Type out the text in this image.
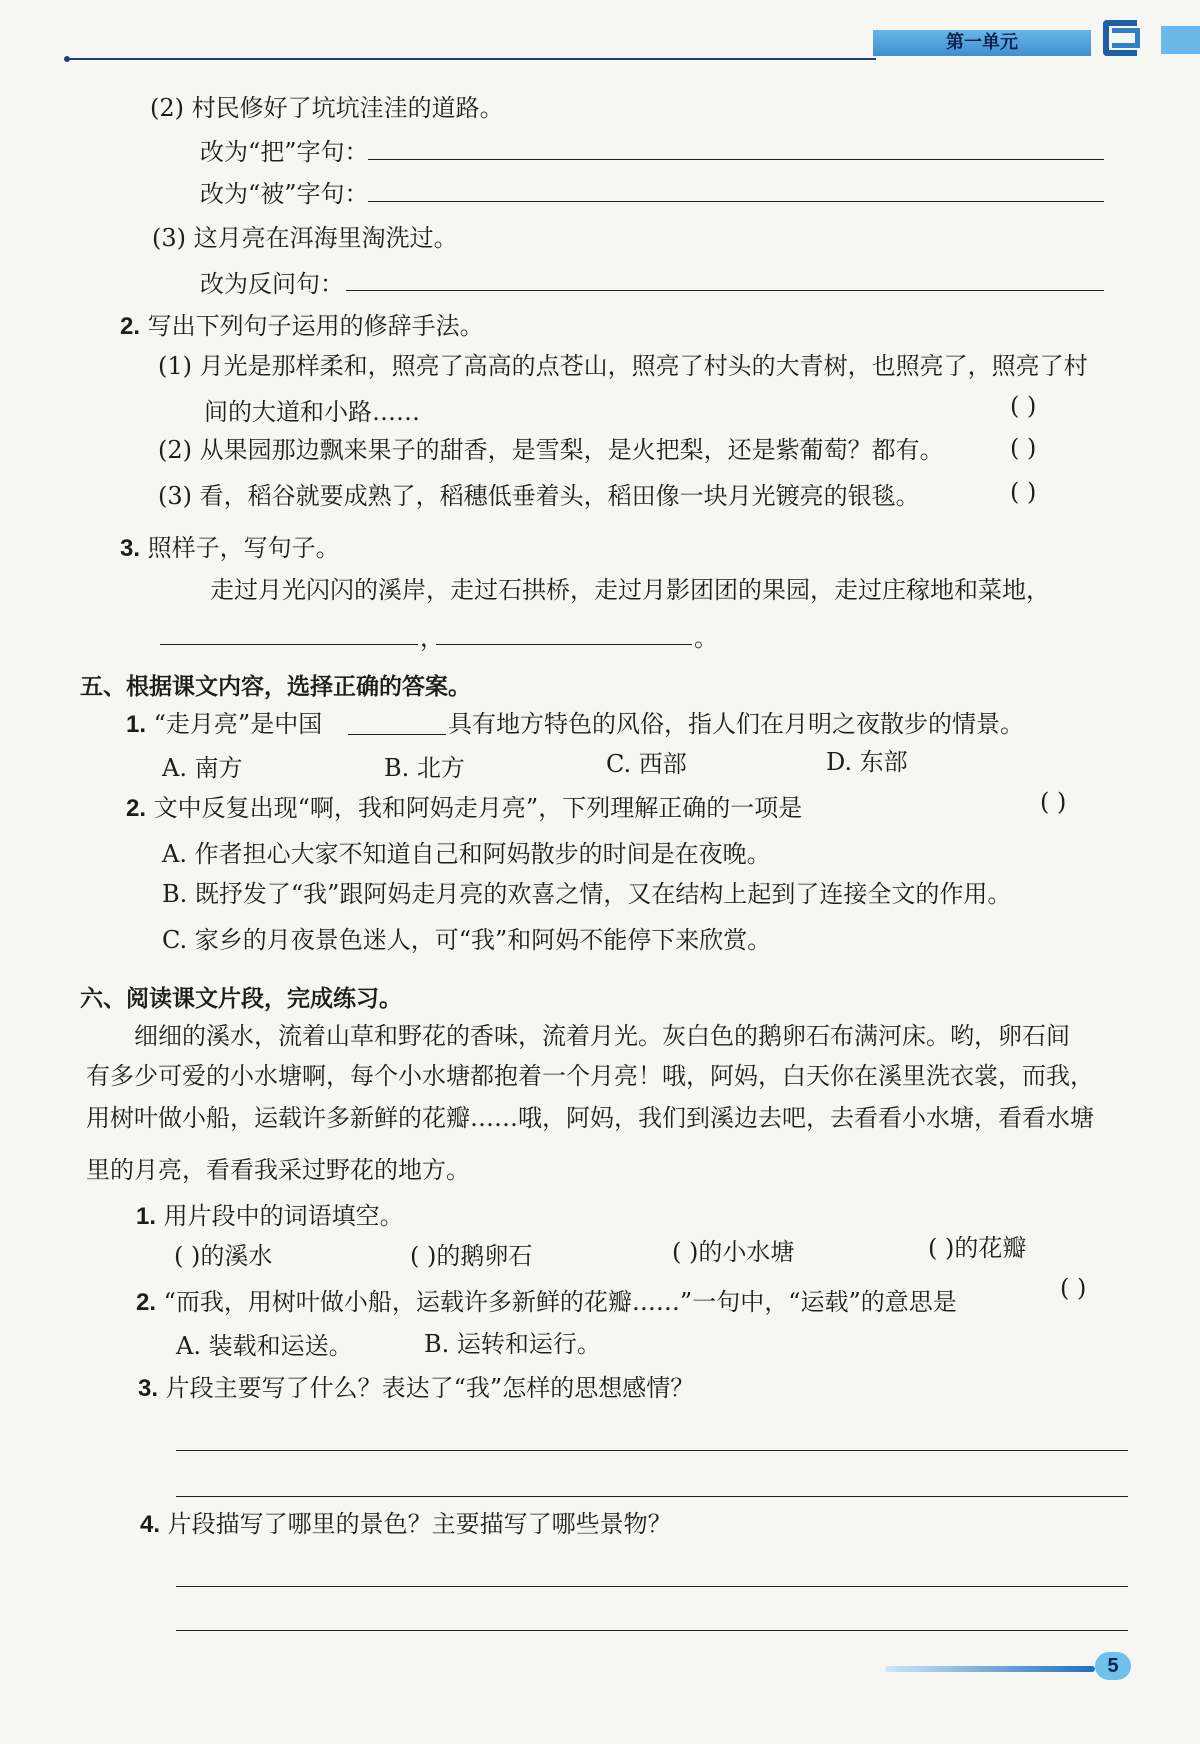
第一单元
(2) 村民修好了坑坑洼洼的道路。
改为“把”字句：
改为“被”字句：
(3) 这月亮在洱海里淘洗过。
改为反问句：
2. 写出下列句子运用的修辞手法。
(1) 月光是那样柔和，照亮了高高的点苍山，照亮了村头的大青树，也照亮了，照亮了村
间的大道和小路……	( )
(2) 从果园那边飘来果子的甜香，是雪梨，是火把梨，还是紫葡萄？都有。	( )
(3) 看，稻谷就要成熟了，稻穗低垂着头，稻田像一块月光镀亮的银毯。	( )
3. 照样子，写句子。
走过月光闪闪的溪岸，走过石拱桥，走过月影团团的果园，走过庄稼地和菜地，
，	。
五、根据课文内容，选择正确的答案。
1. “走月亮”是中国	具有地方特色的风俗，指人们在月明之夜散步的情景。
A. 南方	B. 北方	C. 西部	D. 东部
2. 文中反复出现“啊，我和阿妈走月亮”，下列理解正确的一项是	( )
A. 作者担心大家不知道自己和阿妈散步的时间是在夜晚。
B. 既抒发了“我”跟阿妈走月亮的欢喜之情，又在结构上起到了连接全文的作用。
C. 家乡的月夜景色迷人，可“我”和阿妈不能停下来欣赏。
六、阅读课文片段，完成练习。
细细的溪水，流着山草和野花的香味，流着月光。灰白色的鹅卵石布满河床。哟，卵石间
有多少可爱的小水塘啊，每个小水塘都抱着一个月亮！哦，阿妈，白天你在溪里洗衣裳，而我，
用树叶做小船，运载许多新鲜的花瓣……哦，阿妈，我们到溪边去吧，去看看小水塘，看看水塘
里的月亮，看看我采过野花的地方。
1. 用片段中的词语填空。
( )的溪水	( )的鹅卵石	( )的小水塘	( )的花瓣
2. “而我，用树叶做小船，运载许多新鲜的花瓣……”一句中，“运载”的意思是	( )
A. 装载和运送。	B. 运转和运行。
3. 片段主要写了什么？表达了“我”怎样的思想感情？
4. 片段描写了哪里的景色？主要描写了哪些景物？
5
